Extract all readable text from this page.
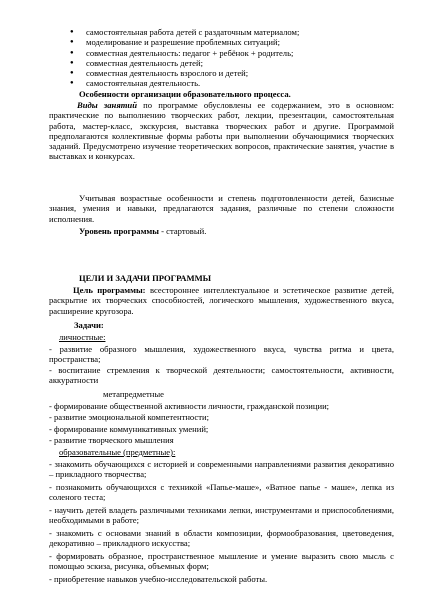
● самостоятельная работа детей с раздаточным материалом;
● моделирование и разрешение проблемных ситуаций;
● совместная деятельность: педагог + ребёнок + родитель;
● совместная деятельность детей;
● совместная деятельность взрослого и детей;
● самостоятельная деятельность.
Особенности организации образовательного процесса.

Виды занятий по программе обусловлены ее содержанием, это в основном: практические по выполнению творческих работ, лекции, презентации, самостоятельная работа, мастер-класс, экскурсия, выставка творческих работ и другие. Программой предполагаются коллективные формы работы при выполнении обучающимися творческих заданий. Предусмотрено изучение теоретических вопросов, практические занятия, участие в выставках и конкурсах.

Учитывая возрастные особенности и степень подготовленности детей, базисные знания, умения и навыки, предлагаются задания, различные по степени сложности исполнения.

Уровень программы - стартовый.
ЦЕЛИ И ЗАДАЧИ ПРОГРАММЫ

Цель программы: всестороннее интеллектуальное и эстетическое развитие детей, раскрытие их творческих способностей, логического мышления, художественного вкуса, расширение кругозора.

Задачи:
личностные:

- развитие образного мышления, художественного вкуса, чувства ритма и цвета, пространства;

- воспитание стремления к творческой деятельности; самостоятельности, активности, аккуратности

метапредметные
- формирование общественной активности личности, гражданской позиции;
- развитие эмоциональной компетентности;
- формирование коммуникативных умений;
- развитие творческого мышления
образовательные (предметные):

- знакомить обучающихся с историей и современными направлениями развития декоративно – прикладного творчества;

- познакомить обучающихся с техникой «Папье-маше», «Ватное папье - маше», лепка из соленого теста;

- научить детей владеть различными техниками лепки, инструментами и приспособлениями, необходимыми в работе;

- знакомить с основами знаний в области композиции, формообразования, цветоведения, декоративно – прикладного искусства;

- формировать образное, пространственное мышление и умение выразить свою мысль с помощью эскиза, рисунка, объемных форм;

- приобретение навыков учебно-исследовательской работы.
